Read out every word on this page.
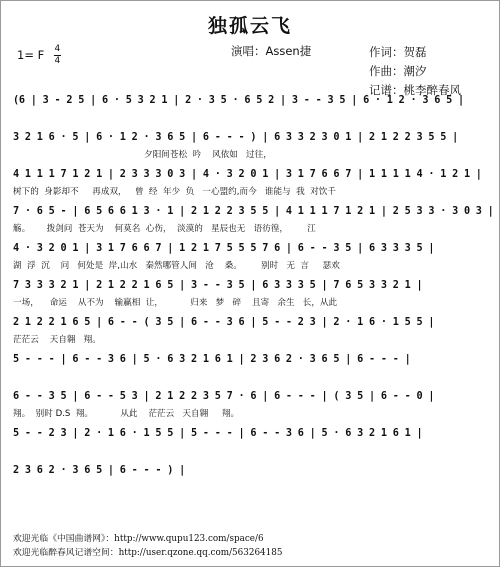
独孤云飞
1= F $\frac{4}{4}$	演唱：Assen捷	作词：贺磊
作曲：潮汐
记谱：桃李醉春风
(6 | 3 - 2 5 | 6 · 5 3 2 1 | 2 · 3 5 · 6 5 2 | 3 - - 3 5 | 6 · 1 2 · 3 6 5 |
3 2 1 6 · 5 | 6 · 1 2 · 3 6 5 | 6 - - - ) | 6 3 3 2 3 0 1 | 2 1 2 2 3 5 5 |
夕阳间苍松  吟    风依如   过往，
4 1 1 1 7 1 2 1 | 2 3 3 3 0 3 | 4 · 3 2 0 1 | 3 1 7 6 6 7 | 1 1 1 1 4 · 1 2 1 |
树下的  身影却不     再成双，   曾  经  年少  负   一心盟约,而今   谁能与  我  对饮千
7 · 6 5 - | 6 5 6 6 1 3 · 1 | 2 1 2 2 3 5 5 | 4 1 1 1 7 1 2 1 | 2 5 3 3 · 3 0 3 |
觞。      拨剑问  苍天为    何莫名  心伤，  淡漠的   星辰也无   语彷徨，       江
4 · 3 2 0 1 | 3 1 7 6 6 7 | 1 2 1 7 5 5 5 7 6 | 6 - - 3 5 | 6 3 3 3 5 |
湖  浮  沉    问   何处是  岸,山水   秦然哪管人间   沧    桑。       别时   无  言     瑟欢
7 3 3 3 2 1 | 2 1 2 2 1 6 5 | 3 - - 3 5 | 6 3 3 3 5 | 7 6 5 3 3 2 1 |
一场，    命运    从不为    输赢相  让，          归来   梦   碎    且寄   余生   长，从此
2 1 2 2 1 6 5 | 6 - - ( 3 5 | 6 - - 3 6 | 5 - - 2 3 | 2 · 1 6 · 1 5 5 |
茫茫云    天自翱   翔。
5 - - - | 6 - - 3 6 | 5 · 6 3 2 1 6 1 | 2 3 6 2 · 3 6 5 | 6 - - - |
6 - - 3 5 | 6 - - 5 3 | 2 1 2 2 3 5 7 · 6 | 6 - - - | ( 3 5 | 6 - - 0 |
翔。  别时 D.S  翔。          从此    茫茫云   天自翱     翔。
5 - - 2 3 | 2 · 1 6 · 1 5 5 | 5 - - - | 6 - - 3 6 | 5 · 6 3 2 1 6 1 |
2 3 6 2 · 3 6 5 | 6 - - - ) |
欢迎光临《中国曲谱网》：http://www.qupu123.com/space/6
欢迎光临醉春风记谱空间：http://user.qzone.qq.com/563264185
